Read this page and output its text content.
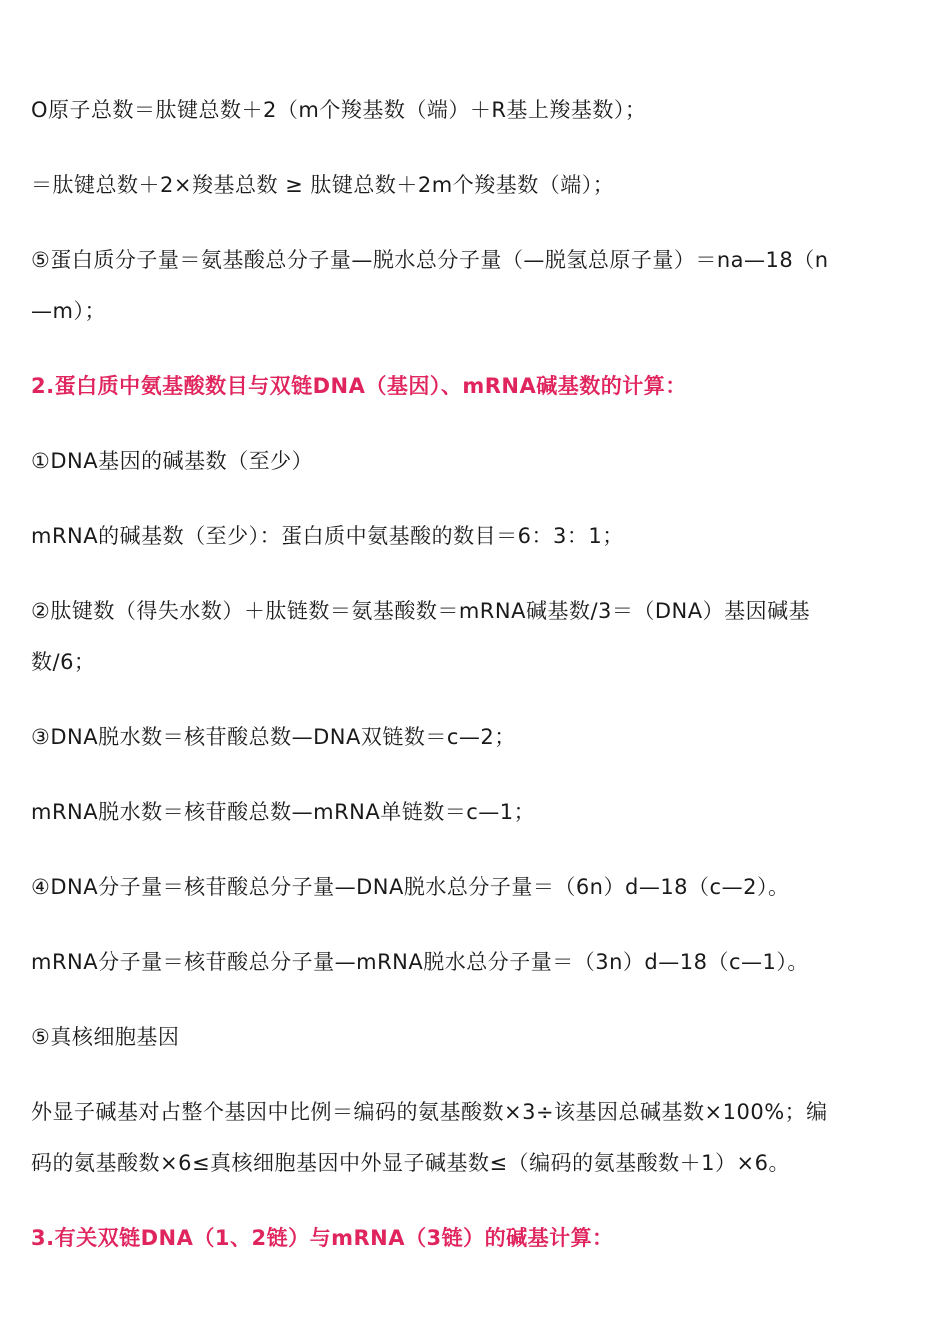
O原子总数＝肽键总数＋2（m个羧基数（端）＋R基上羧基数）；
＝肽键总数＋2×羧基总数 ≥ 肽键总数＋2m个羧基数（端）；
⑤蛋白质分子量＝氨基酸总分子量—脱水总分子量（—脱氢总原子量）＝na—18（n
—m）；
2.蛋白质中氨基酸数目与双链DNA（基因）、mRNA碱基数的计算：
①DNA基因的碱基数（至少）
mRNA的碱基数（至少）：蛋白质中氨基酸的数目＝6：3：1；
②肽键数（得失水数）＋肽链数＝氨基酸数＝mRNA碱基数/3＝（DNA）基因碱基
数/6；
③DNA脱水数＝核苷酸总数—DNA双链数＝c—2；
mRNA脱水数＝核苷酸总数—mRNA单链数＝c—1；
④DNA分子量＝核苷酸总分子量—DNA脱水总分子量＝（6n）d—18（c—2）。
mRNA分子量＝核苷酸总分子量—mRNA脱水总分子量＝（3n）d—18（c—1）。
⑤真核细胞基因
外显子碱基对占整个基因中比例＝编码的氨基酸数×3÷该基因总碱基数×100%；编
码的氨基酸数×6≤真核细胞基因中外显子碱基数≤（编码的氨基酸数＋1）×6。
3.有关双链DNA（1、2链）与mRNA（3链）的碱基计算：
